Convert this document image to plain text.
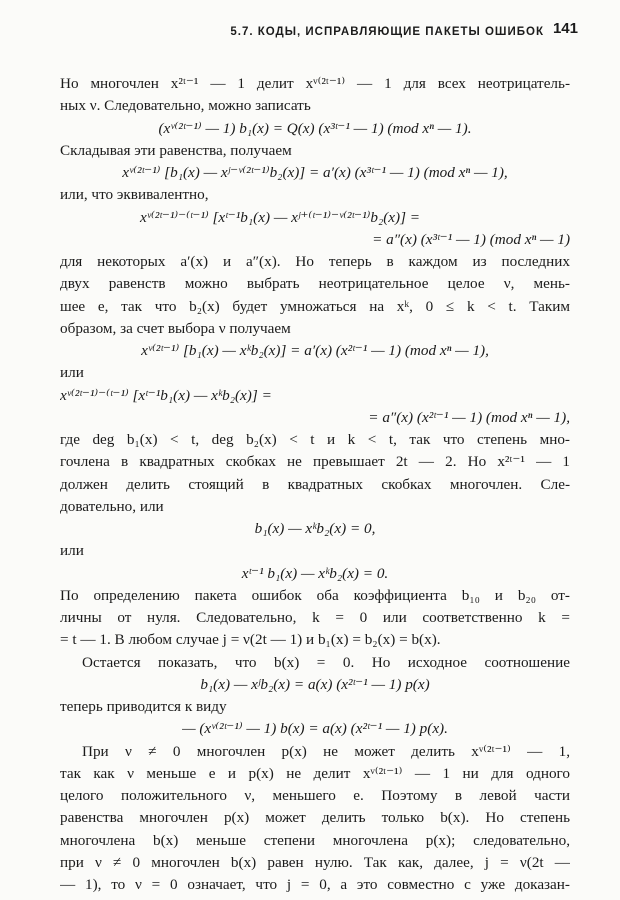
5.7. КОДЫ, ИСПРАВЛЯЮЩИЕ ПАКЕТЫ ОШИБОК 141
Но многочлен x²ᵗ⁻¹ — 1 делит xᵛ⁽²ᵗ⁻¹⁾ — 1 для всех неотрицатель-
ных ν. Следовательно, можно записать
(xᵛ⁽²ᵗ⁻¹⁾ — 1) b₁(x) = Q(x) (x³ᵗ⁻¹ — 1) (mod xⁿ — 1).
Складывая эти равенства, получаем
xᵛ⁽²ᵗ⁻¹⁾ [b₁(x) — xʲ⁻ᵛ⁽²ᵗ⁻¹⁾b₂(x)] = a′(x) (x³ᵗ⁻¹ — 1) (mod xⁿ — 1),
или, что эквивалентно,
xᵛ⁽²ᵗ⁻¹⁾⁻⁽ᵗ⁻¹⁾ [xᵗ⁻¹b₁(x) — xʲ⁺⁽ᵗ⁻¹⁾⁻ᵛ⁽²ᵗ⁻¹⁾b₂(x)] =
= a″(x) (x³ᵗ⁻¹ — 1) (mod xⁿ — 1)
для некоторых a′(x) и a″(x). Но теперь в каждом из последних
двух равенств можно выбрать неотрицательное целое ν, мень-
шее e, так что b₂(x) будет умножаться на xᵏ, 0 ≤ k < t. Таким
образом, за счет выбора ν получаем
xᵛ⁽²ᵗ⁻¹⁾ [b₁(x) — xᵏb₂(x)] = a′(x) (x²ᵗ⁻¹ — 1) (mod xⁿ — 1),
или
xᵛ⁽²ᵗ⁻¹⁾⁻⁽ᵗ⁻¹⁾ [xᵗ⁻¹b₁(x) — xᵏb₂(x)] =
= a″(x) (x²ᵗ⁻¹ — 1) (mod xⁿ — 1),
где deg b₁(x) < t, deg b₂(x) < t и k < t, так что степень мно-
гочлена в квадратных скобках не превышает 2t — 2. Но x²ᵗ⁻¹ — 1
должен делить стоящий в квадратных скобках многочлен. Сле-
довательно, или
b₁(x) — xᵏb₂(x) = 0,
или
xᵗ⁻¹ b₁(x) — xᵏb₂(x) = 0.
По определению пакета ошибок оба коэффициента b₁₀ и b₂₀ от-
личны от нуля. Следовательно, k = 0 или соответственно k =
= t — 1. В любом случае j = ν(2t — 1) и b₁(x) = b₂(x) = b(x).
Остается показать, что b(x) = 0. Но исходное соотношение
b₁(x) — xʲb₂(x) = a(x) (x²ᵗ⁻¹ — 1) p(x)
теперь приводится к виду
— (xᵛ⁽²ᵗ⁻¹⁾ — 1) b(x) = a(x) (x²ᵗ⁻¹ — 1) p(x).
При ν ≠ 0 многочлен p(x) не может делить xᵛ⁽²ᵗ⁻¹⁾ — 1,
так как ν меньше e и p(x) не делит xᵛ⁽²ᵗ⁻¹⁾ — 1 ни для одного
целого положительного ν, меньшего e. Поэтому в левой части
равенства многочлен p(x) может делить только b(x). Но степень
многочлена b(x) меньше степени многочлена p(x); следовательно,
при ν ≠ 0 многочлен b(x) равен нулю. Так как, далее, j = ν(2t —
— 1), то ν = 0 означает, что j = 0, а это совместно с уже доказан-
